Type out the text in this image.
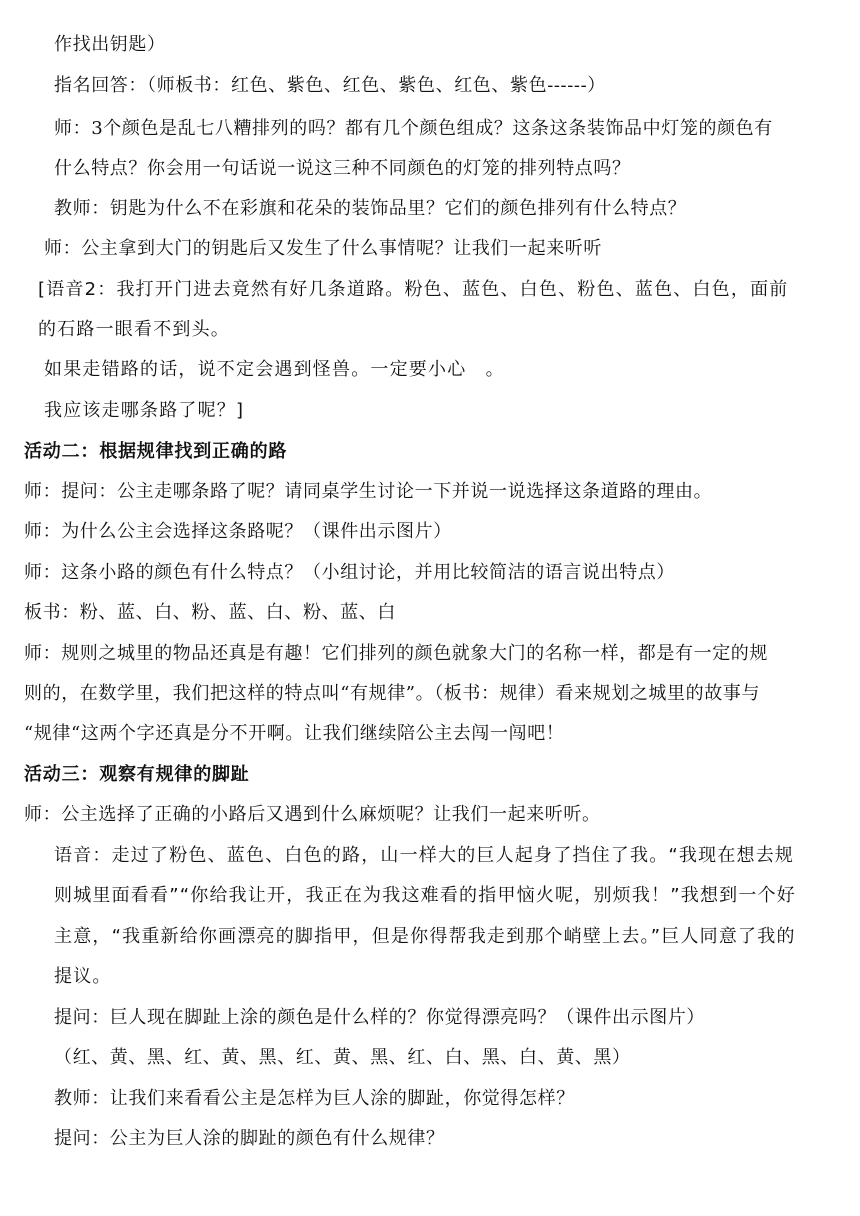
作找出钥匙）
指名回答：（师板书：红色、紫色、红色、紫色、红色、紫色------）
师：3个颜色是乱七八糟排列的吗？都有几个颜色组成？这条这条装饰品中灯笼的颜色有
什么特点？你会用一句话说一说这三种不同颜色的灯笼的排列特点吗？
教师：钥匙为什么不在彩旗和花朵的装饰品里？它们的颜色排列有什么特点？
师：公主拿到大门的钥匙后又发生了什么事情呢？让我们一起来听听
[语音2：我打开门进去竟然有好几条道路。粉色、蓝色、白色、粉色、蓝色、白色，面前
的石路一眼看不到头。
如果走错路的话，说不定会遇到怪兽。一定要小心　。
我应该走哪条路了呢？]
活动二：根据规律找到正确的路
师：提问：公主走哪条路了呢？请同桌学生讨论一下并说一说选择这条道路的理由。
师：为什么公主会选择这条路呢？（课件出示图片）
师：这条小路的颜色有什么特点？（小组讨论，并用比较简洁的语言说出特点）
板书：粉、蓝、白、粉、蓝、白、粉、蓝、白
师：规则之城里的物品还真是有趣！它们排列的颜色就象大门的名称一样，都是有一定的规
则的，在数学里，我们把这样的特点叫“有规律”。（板书：规律）看来规划之城里的故事与
“规律“这两个字还真是分不开啊。让我们继续陪公主去闯一闯吧！
活动三：观察有规律的脚趾
师：公主选择了正确的小路后又遇到什么麻烦呢？让我们一起来听听。
语音：走过了粉色、蓝色、白色的路，山一样大的巨人起身了挡住了我。“我现在想去规
则城里面看看”“你给我让开，我正在为我这难看的指甲恼火呢，别烦我！”我想到一个好
主意，“我重新给你画漂亮的脚指甲，但是你得帮我走到那个峭壁上去。”巨人同意了我的
提议。
提问：巨人现在脚趾上涂的颜色是什么样的？你觉得漂亮吗？（课件出示图片）
（红、黄、黑、红、黄、黑、红、黄、黑、红、白、黑、白、黄、黑）
教师：让我们来看看公主是怎样为巨人涂的脚趾，你觉得怎样？
提问：公主为巨人涂的脚趾的颜色有什么规律？
